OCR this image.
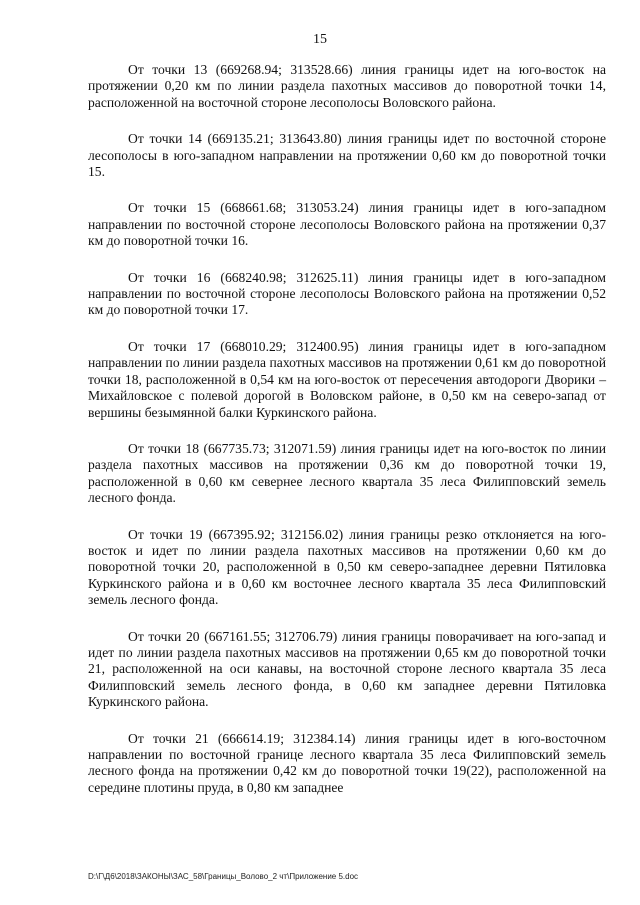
15

От точки 13 (669268.94; 313528.66) линия границы идет на юго-восток на протяжении 0,20 км по линии раздела пахотных массивов до поворотной точки 14, расположенной на восточной стороне лесополосы Воловского района.

От точки 14 (669135.21; 313643.80) линия границы идет по восточной стороне лесополосы в юго-западном направлении на протяжении 0,60 км до поворотной точки 15.

От точки 15 (668661.68; 313053.24) линия границы идет в юго-западном направлении по восточной стороне лесополосы Воловского района на протяжении 0,37 км до поворотной точки 16.

От точки 16 (668240.98; 312625.11) линия границы идет в юго-западном направлении по восточной стороне лесополосы Воловского района на протяжении 0,52 км до поворотной точки 17.

От точки 17 (668010.29; 312400.95) линия границы идет в юго-западном направлении по линии раздела пахотных массивов на протяжении 0,61 км до поворотной точки 18, расположенной в 0,54 км на юго-восток от пересечения автодороги Дворики – Михайловское с полевой дорогой в Воловском районе, в 0,50 км на северо-запад от вершины безымянной балки Куркинского района.

От точки 18 (667735.73; 312071.59) линия границы идет на юго-восток по линии раздела пахотных массивов на протяжении 0,36 км до поворотной точки 19, расположенной в 0,60 км севернее лесного квартала 35 леса Филипповский земель лесного фонда.

От точки 19 (667395.92; 312156.02) линия границы резко отклоняется на юго-восток и идет по линии раздела пахотных массивов на протяжении 0,60 км до поворотной точки 20, расположенной в 0,50 км северо-западнее деревни Пятиловка Куркинского района и в 0,60 км восточнее лесного квартала 35 леса Филипповский земель лесного фонда.

От точки 20 (667161.55; 312706.79) линия границы поворачивает на юго-запад и идет по линии раздела пахотных массивов на протяжении 0,65 км до поворотной точки 21, расположенной на оси канавы, на восточной стороне лесного квартала 35 леса Филипповский земель лесного фонда, в 0,60 км западнее деревни Пятиловка Куркинского района.

От точки 21 (666614.19; 312384.14) линия границы идет в юго-восточном направлении по восточной границе лесного квартала 35 леса Филипповский земель лесного фонда на протяжении 0,42 км до поворотной точки 19(22), расположенной на середине плотины пруда, в 0,80 км западнее

D:\Г\Д6\2018\ЗАКОНЫ\ЗАС_58\Границы_Волово_2 чт\Приложение 5.doc
